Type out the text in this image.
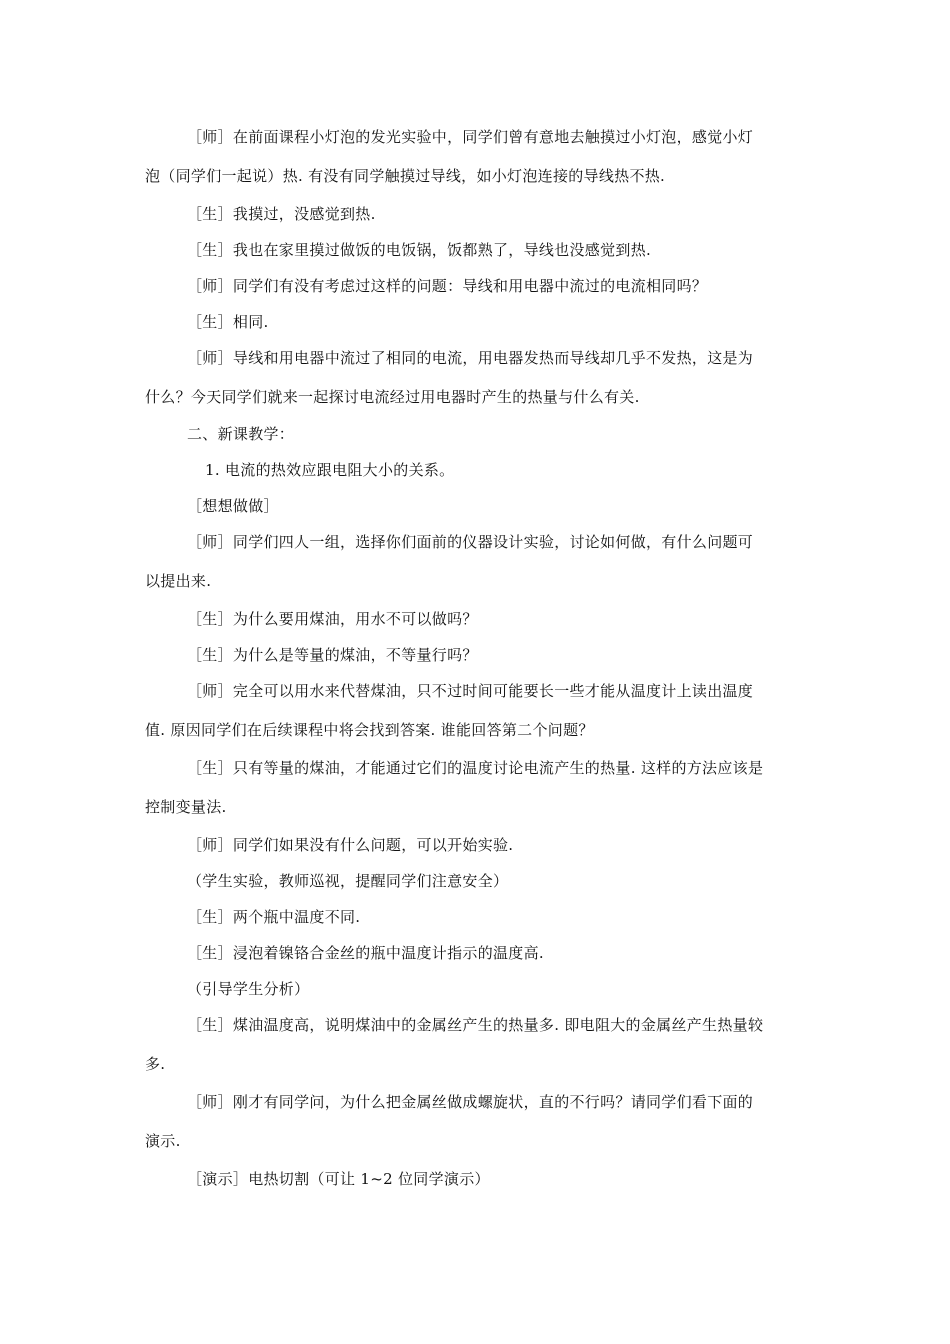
［师］在前面课程小灯泡的发光实验中，同学们曾有意地去触摸过小灯泡，感觉小灯
泡（同学们一起说）热. 有没有同学触摸过导线，如小灯泡连接的导线热不热.
［生］我摸过，没感觉到热.
［生］我也在家里摸过做饭的电饭锅，饭都熟了，导线也没感觉到热.
［师］同学们有没有考虑过这样的问题：导线和用电器中流过的电流相同吗？
［生］相同.
［师］导线和用电器中流过了相同的电流，用电器发热而导线却几乎不发热，这是为
什么？今天同学们就来一起探讨电流经过用电器时产生的热量与什么有关.
二、新课教学：
1. 电流的热效应跟电阻大小的关系。
［想想做做］
［师］同学们四人一组，选择你们面前的仪器设计实验，讨论如何做，有什么问题可
以提出来.
［生］为什么要用煤油，用水不可以做吗？
［生］为什么是等量的煤油，不等量行吗？
［师］完全可以用水来代替煤油，只不过时间可能要长一些才能从温度计上读出温度
值. 原因同学们在后续课程中将会找到答案. 谁能回答第二个问题？
［生］只有等量的煤油，才能通过它们的温度讨论电流产生的热量. 这样的方法应该是
控制变量法.
［师］同学们如果没有什么问题，可以开始实验.
（学生实验，教师巡视，提醒同学们注意安全）
［生］两个瓶中温度不同.
［生］浸泡着镍铬合金丝的瓶中温度计指示的温度高.
（引导学生分析）
［生］煤油温度高，说明煤油中的金属丝产生的热量多. 即电阻大的金属丝产生热量较
多.
［师］刚才有同学问，为什么把金属丝做成螺旋状，直的不行吗？请同学们看下面的
演示.
［演示］电热切割（可让 1~2 位同学演示）
